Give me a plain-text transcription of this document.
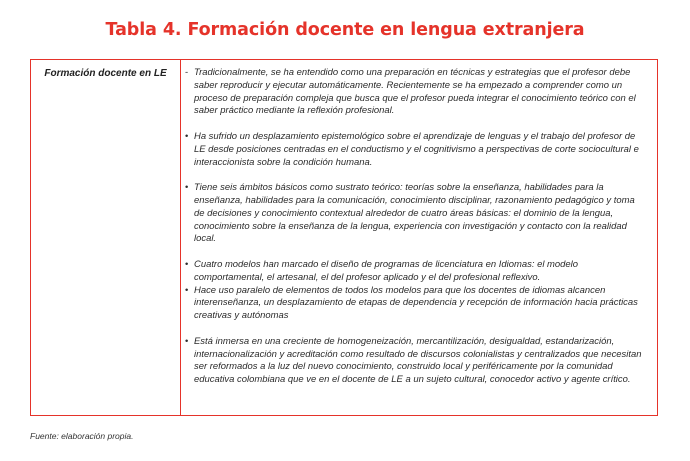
Tabla 4. Formación docente en lengua extranjera
Formación docente en LE	- Tradicionalmente, se ha entendido como una preparación en técnicas y estrategias que el profesor debe saber reproducir y ejecutar automáticamente. Recientemente se ha empezado a comprender como un proceso de preparación compleja que busca que el profesor pueda integrar el conocimiento teórico con el saber práctico mediante la reflexión profesional.
• Ha sufrido un desplazamiento epistemológico sobre el aprendizaje de lenguas y el trabajo del profesor de LE desde posiciones centradas en el conductismo y el cognitivismo a perspectivas de corte sociocultural e interaccionista sobre la condición humana.
• Tiene seis ámbitos básicos como sustrato teórico: teorías sobre la enseñanza, habilidades para la enseñanza, habilidades para la comunicación, conocimiento disciplinar, razonamiento pedagógico y toma de decisiones y conocimiento contextual alrededor de cuatro áreas básicas: el dominio de la lengua, conocimiento sobre la enseñanza de la lengua, experiencia con investigación y contacto con la realidad local.
• Cuatro modelos han marcado el diseño de programas de licenciatura en Idiomas: el modelo comportamental, el artesanal, el del profesor aplicado y el del profesional reflexivo.
• Hace uso paralelo de elementos de todos los modelos para que los docentes de idiomas alcancen interenseñanza, un desplazamiento de etapas de dependencia y recepción de información hacia prácticas creativas y autónomas
• Está inmersa en una creciente de homogeneización, mercantilización, desigualdad, estandarización, internacionalización y acreditación como resultado de discursos colonialistas y centralizados que necesitan ser reformados a la luz del nuevo conocimiento, construido local y periféricamente por la comunidad educativa colombiana que ve en el docente de LE a un sujeto cultural, conocedor activo y agente crítico.
Fuente: elaboración propia.
